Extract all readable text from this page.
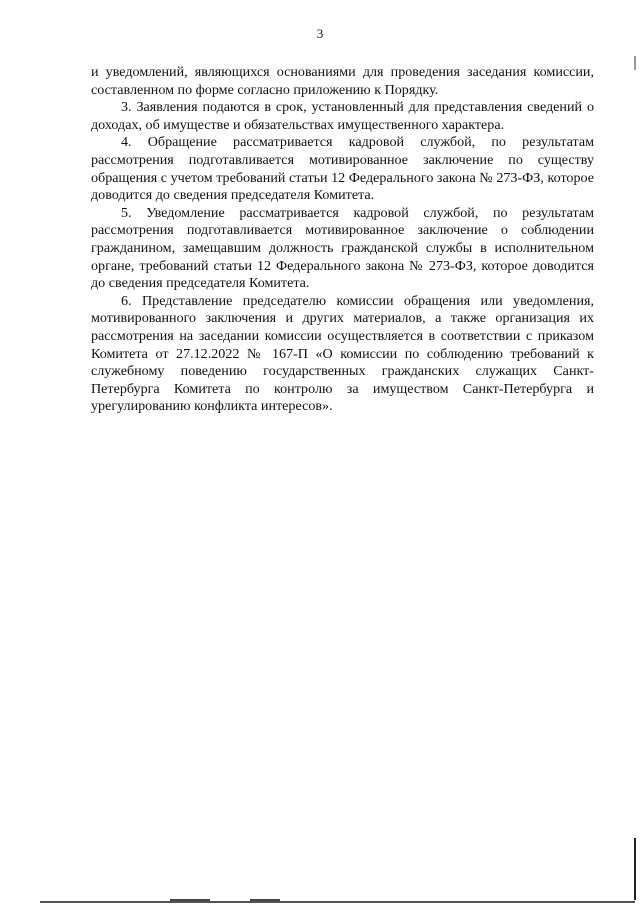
3

и уведомлений, являющихся основаниями для проведения заседания комиссии, составленном по форме согласно приложению к Порядку.

3. Заявления подаются в срок, установленный для представления сведений о доходах, об имуществе и обязательствах имущественного характера.

4. Обращение рассматривается кадровой службой, по результатам рассмотрения подготавливается мотивированное заключение по существу обращения с учетом требований статьи 12 Федерального закона № 273-ФЗ, которое доводится до сведения председателя Комитета.

5. Уведомление рассматривается кадровой службой, по результатам рассмотрения подготавливается мотивированное заключение о соблюдении гражданином, замещавшим должность гражданской службы в исполнительном органе, требований статьи 12 Федерального закона № 273-ФЗ, которое доводится до сведения председателя Комитета.

6. Представление председателю комиссии обращения или уведомления, мотивированного заключения и других материалов, а также организация их рассмотрения на заседании комиссии осуществляется в соответствии с приказом Комитета от 27.12.2022 № 167-П «О комиссии по соблюдению требований к служебному поведению государственных гражданских служащих Санкт-Петербурга Комитета по контролю за имуществом Санкт-Петербурга и урегулированию конфликта интересов».
